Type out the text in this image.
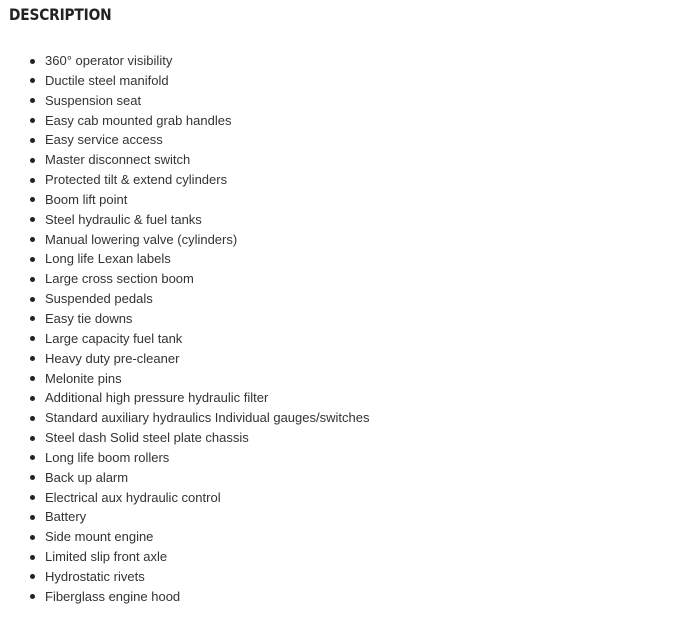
DESCRIPTION
360° operator visibility
Ductile steel manifold
Suspension seat
Easy cab mounted grab handles
Easy service access
Master disconnect switch
Protected tilt & extend cylinders
Boom lift point
Steel hydraulic & fuel tanks
Manual lowering valve (cylinders)
Long life Lexan labels
Large cross section boom
Suspended pedals
Easy tie downs
Large capacity fuel tank
Heavy duty pre-cleaner
Melonite pins
Additional high pressure hydraulic filter
Standard auxiliary hydraulics Individual gauges/switches
Steel dash Solid steel plate chassis
Long life boom rollers
Back up alarm
Electrical aux hydraulic control
Battery
Side mount engine
Limited slip front axle
Hydrostatic rivets
Fiberglass engine hood
